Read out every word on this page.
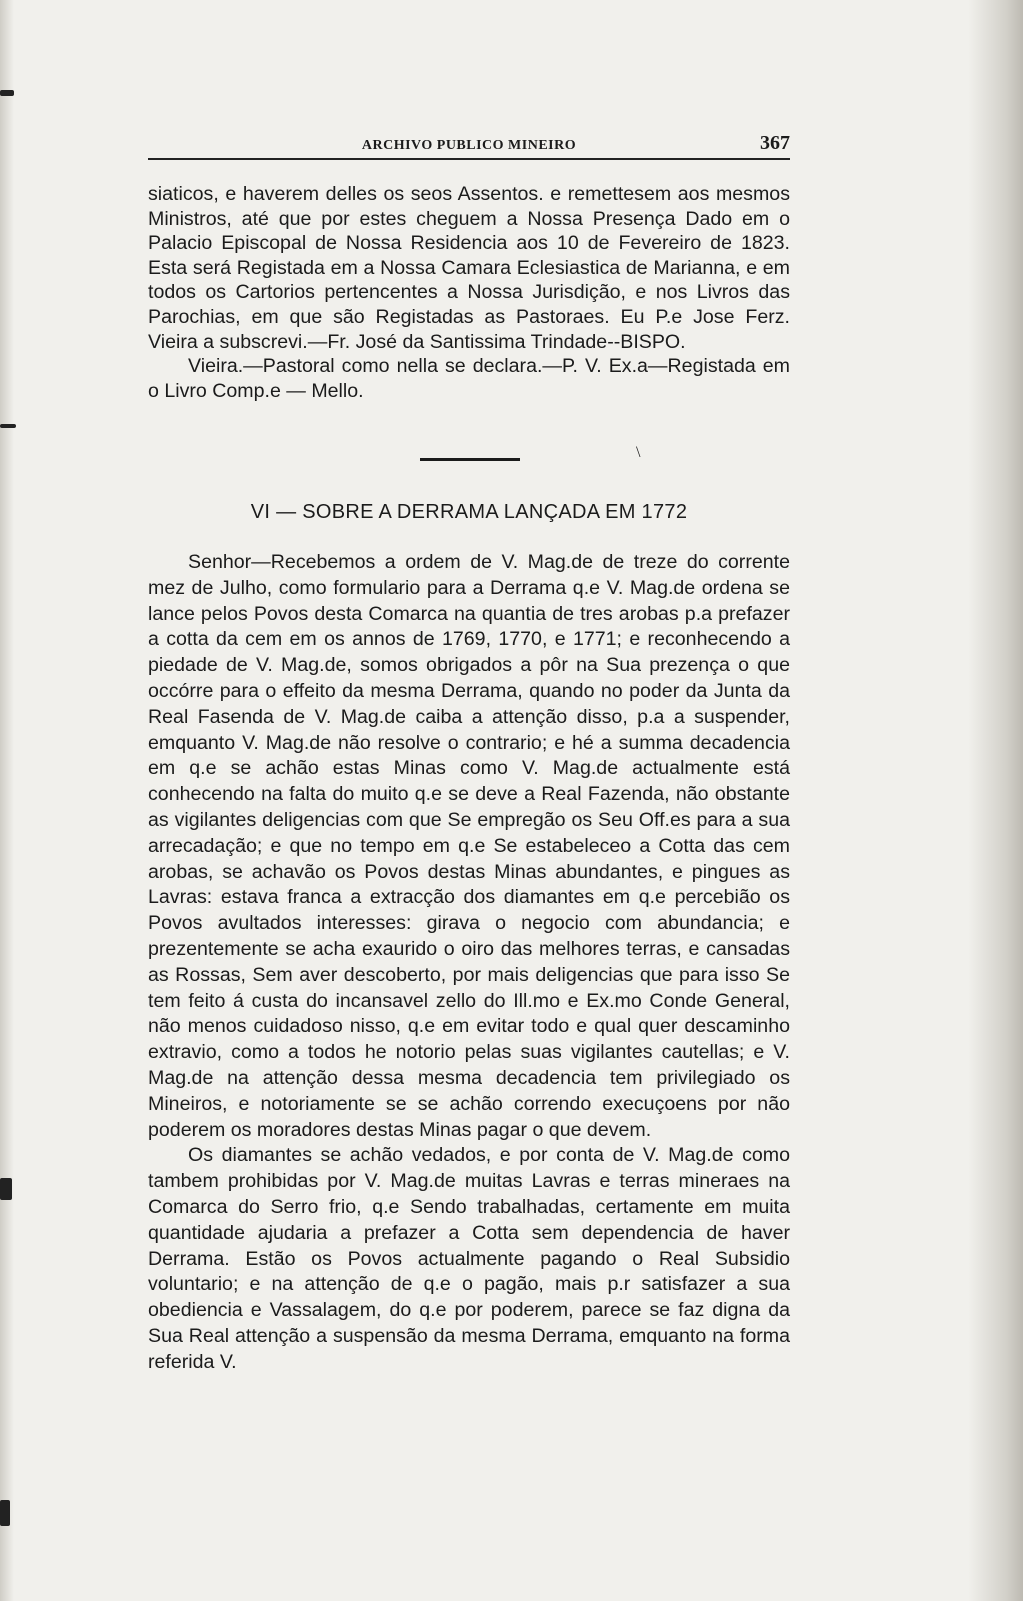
ARCHIVO PUBLICO MINEIRO	367

siaticos, e haverem delles os seos Assentos. e remettesem aos mesmos Ministros, até que por estes cheguem a Nossa Presença Dado em o Palacio Episcopal de Nossa Residencia aos 10 de Fevereiro de 1823. Esta será Registada em a Nossa Camara Eclesiastica de Marianna, e em todos os Cartorios pertencentes a Nossa Jurisdição, e nos Livros das Parochias, em que são Registadas as Pastoraes. Eu P.e Jose Ferz. Vieira a subscrevi.—Fr. José da Santissima Trindade--BISPO.

Vieira.—Pastoral como nella se declara.—P. V. Ex.a—Registada em o Livro Comp.e — Mello.

\
VI — SOBRE A DERRAMA LANÇADA EM 1772

Senhor—Recebemos a ordem de V. Mag.de de treze do corrente mez de Julho, como formulario para a Derrama q.e V. Mag.de ordena se lance pelos Povos desta Comarca na quantia de tres arobas p.a prefazer a cotta da cem em os annos de 1769, 1770, e 1771; e reconhecendo a piedade de V. Mag.de, somos obrigados a pôr na Sua prezença o que occórre para o effeito da mesma Derrama, quando no poder da Junta da Real Fasenda de V. Mag.de caiba a attenção disso, p.a a suspender, emquanto V. Mag.de não resolve o contrario; e hé a summa decadencia em q.e se achão estas Minas como V. Mag.de actualmente está conhecendo na falta do muito q.e se deve a Real Fazenda, não obstante as vigilantes deligencias com que Se empregão os Seu Off.es para a sua arrecadação; e que no tempo em q.e Se estabeleceo a Cotta das cem arobas, se achavão os Povos destas Minas abundantes, e pingues as Lavras: estava franca a extracção dos diamantes em q.e percebião os Povos avultados interesses: girava o negocio com abundancia; e prezentemente se acha exaurido o oiro das melhores terras, e cansadas as Rossas, Sem aver descoberto, por mais deligencias que para isso Se tem feito á custa do incansavel zello do Ill.mo e Ex.mo Conde General, não menos cuidadoso nisso, q.e em evitar todo e qual quer descaminho extravio, como a todos he notorio pelas suas vigilantes cautellas; e V. Mag.de na attenção dessa mesma decadencia tem privilegiado os Mineiros, e notoriamente se se achão correndo execuçoens por não poderem os moradores destas Minas pagar o que devem.

Os diamantes se achão vedados, e por conta de V. Mag.de como tambem prohibidas por V. Mag.de muitas Lavras e terras mineraes na Comarca do Serro frio, q.e Sendo trabalhadas, certamente em muita quantidade ajudaria a prefazer a Cotta sem dependencia de haver Derrama. Estão os Povos actualmente pagando o Real Subsidio voluntario; e na attenção de q.e o pagão, mais p.r satisfazer a sua obediencia e Vassalagem, do q.e por poderem, parece se faz digna da Sua Real attenção a suspensão da mesma Derrama, emquanto na forma referida V.
